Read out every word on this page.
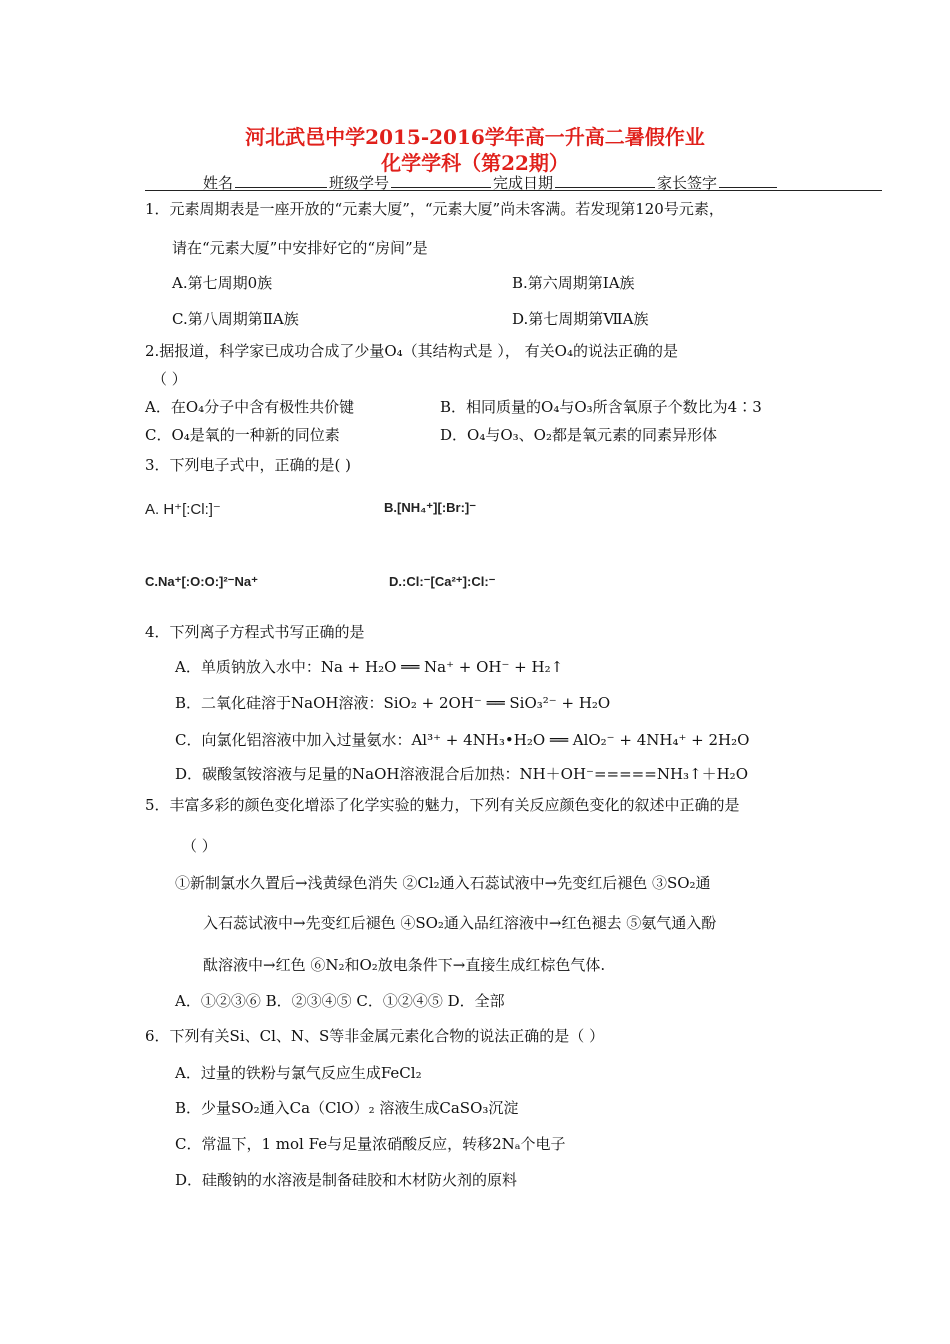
河北武邑中学2015-2016学年高一升高二暑假作业
化学学科（第22期）
姓名	班级学号	完成日期	家长签字
1．元素周期表是一座开放的“元素大厦”，“元素大厦”尚未客满。若发现第120号元素，
请在“元素大厦”中安排好它的“房间”是
A.第七周期0族	B.第六周期第ⅠA族
C.第八周期第ⅡA族	D.第七周期第ⅦA族
2.据报道，科学家已成功合成了少量O₄（其结构式是 ）， 有关O₄的说法正确的是
（ ）
A．在O₄分子中含有极性共价键	B．相同质量的O₄与O₃所含氧原子个数比为4∶3
C．O₄是氧的一种新的同位素	D．O₄与O₃、O₂都是氧元素的同素异形体
3．下列电子式中，正确的是( )
A. H⁺[:Cl:]⁻	B.[NH₄⁺][:Br:]⁻
C.Na⁺[:O:O:]²⁻Na⁺	D.:Cl:⁻[Ca²⁺]:Cl:⁻
4．下列离子方程式书写正确的是
A．单质钠放入水中：Na + H₂O ══ Na⁺ + OH⁻ + H₂↑
B．二氧化硅溶于NaOH溶液：SiO₂ + 2OH⁻ ══ SiO₃²⁻ + H₂O
C．向氯化铝溶液中加入过量氨水：Al³⁺ + 4NH₃•H₂O ══ AlO₂⁻ + 4NH₄⁺ + 2H₂O
D．碳酸氢铵溶液与足量的NaOH溶液混合后加热：NH＋OH⁻=====NH₃↑＋H₂O
5．丰富多彩的颜色变化增添了化学实验的魅力，下列有关反应颜色变化的叙述中正确的是
（ ）
①新制氯水久置后→浅黄绿色消失 ②Cl₂通入石蕊试液中→先变红后褪色 ③SO₂通
入石蕊试液中→先变红后褪色 ④SO₂通入品红溶液中→红色褪去 ⑤氨气通入酚
酞溶液中→红色 ⑥N₂和O₂放电条件下→直接生成红棕色气体.
A．①②③⑥ B．②③④⑤ C．①②④⑤ D．全部
6．下列有关Si、Cl、N、S等非金属元素化合物的说法正确的是（ ）
A．过量的铁粉与氯气反应生成FeCl₂
B．少量SO₂通入Ca（ClO）₂ 溶液生成CaSO₃沉淀
C．常温下，1 mol Fe与足量浓硝酸反应，转移2Nₐ个电子
D．硅酸钠的水溶液是制备硅胶和木材防火剂的原料
